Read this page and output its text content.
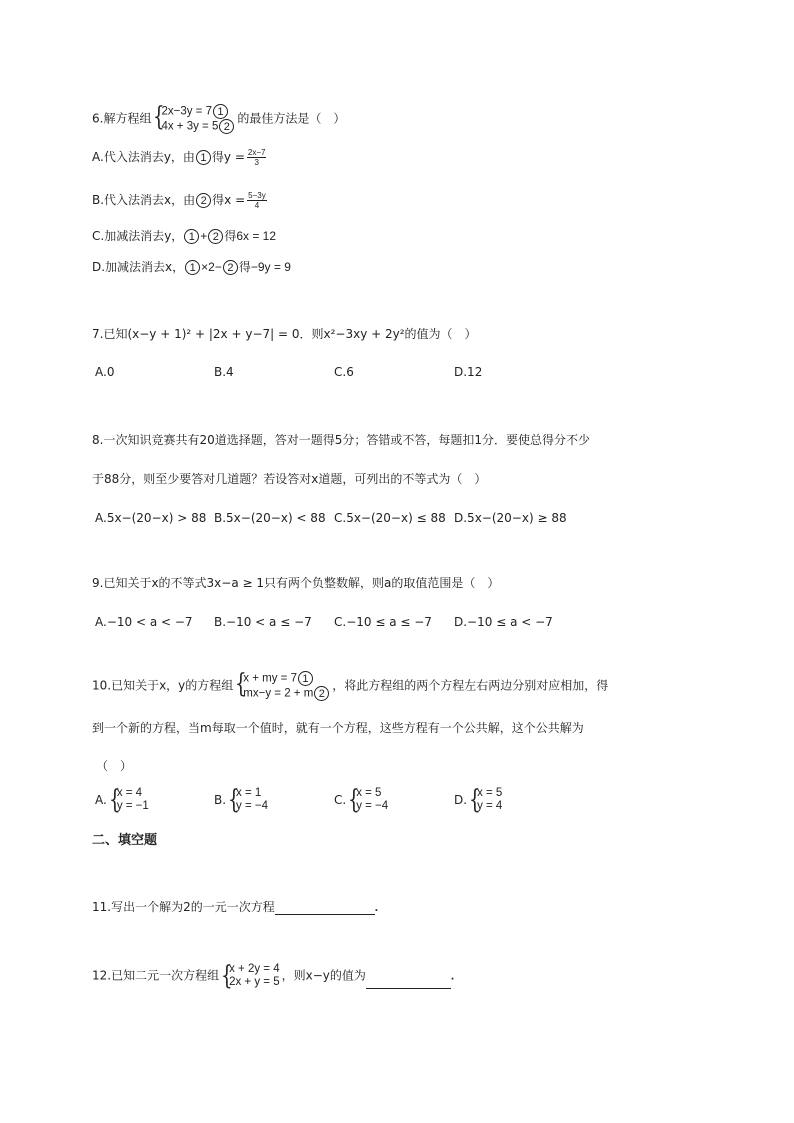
6.解方程组 {
2x−3y = 7 1
4x + 3y = 5 2
的最佳方法是（　）
A.代入法消去y，由 1 得$y = \frac{2x-7}{3}$
B.代入法消去x，由 2 得$x = \frac{5-3y}{4}$
C.加减法消去y， 1 + 2 得6x = 12
D.加减法消去x， 1 ×2− 2 得−9y = 9
7.已知(x−y + 1)² + |2x + y−7| = 0．则x²−3xy + 2y²的值为（　）
A.0	B.4	C.6	D.12
8.一次知识竞赛共有20道选择题，答对一题得5分；答错或不答，每题扣1分．要使总得分不少
于88分，则至少要答对几道题？若设答对x道题，可列出的不等式为（　）
A.5x−(20−x) > 88 B.5x−(20−x) < 88 C.5x−(20−x) ≤ 88 D.5x−(20−x) ≥ 88
9.已知关于x的不等式3x−a ≥ 1只有两个负整数解，则a的取值范围是（　）
A.−10 < a < −7 B.−10 < a ≤ −7 C.−10 ≤ a ≤ −7 D.−10 ≤ a < −7
10.已知关于x，y的方程组 {
x + my = 7 1
mx−y = 2 + m 2
，将此方程组的两个方程左右两边分别对应相加，得
到一个新的方程，当m每取一个值时，就有一个方程，这些方程有一个公共解，这个公共解为
（　）
A. {
x = 4
y = −1	B. {
x = 1
y = −4	C. {
x = 5
y = −4	D. {
x = 5
y = 4
二、填空题
11.写出一个解为2的一元一次方程	.
12.已知二元一次方程组 {
x + 2y = 4
2x + y = 5 ，则x−y的值为	.
